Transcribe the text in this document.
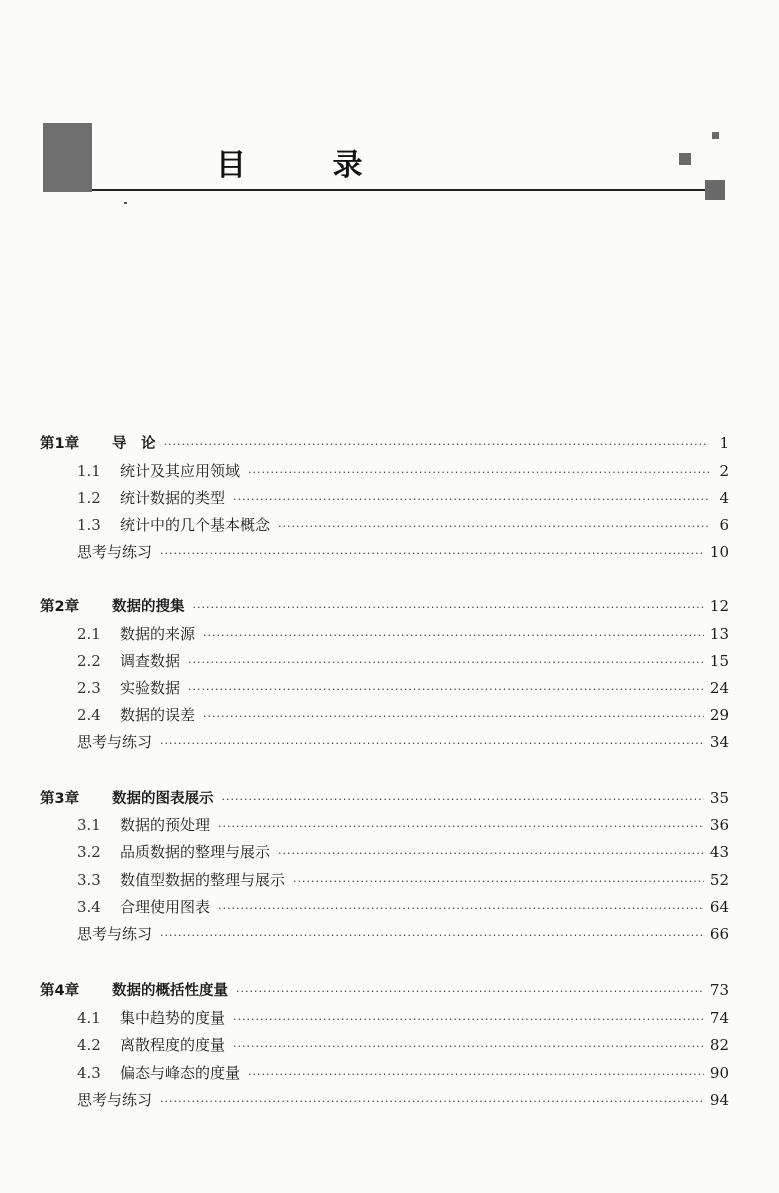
目 录
第1章	导　论 ·····	1
1.1	统计及其应用领域 ·····	2
1.2	统计数据的类型 ·····	4
1.3	统计中的几个基本概念 ·····	6
思考与练习 ·····	10
第2章	数据的搜集 ·····	12
2.1	数据的来源 ·····	13
2.2	调查数据 ·····	15
2.3	实验数据 ·····	24
2.4	数据的误差 ·····	29
思考与练习 ·····	34
第3章	数据的图表展示 ·····	35
3.1	数据的预处理 ·····	36
3.2	品质数据的整理与展示 ·····	43
3.3	数值型数据的整理与展示 ·····	52
3.4	合理使用图表 ·····	64
思考与练习 ·····	66
第4章	数据的概括性度量 ·····	73
4.1	集中趋势的度量 ·····	74
4.2	离散程度的度量 ·····	82
4.3	偏态与峰态的度量 ·····	90
思考与练习 ·····	94
